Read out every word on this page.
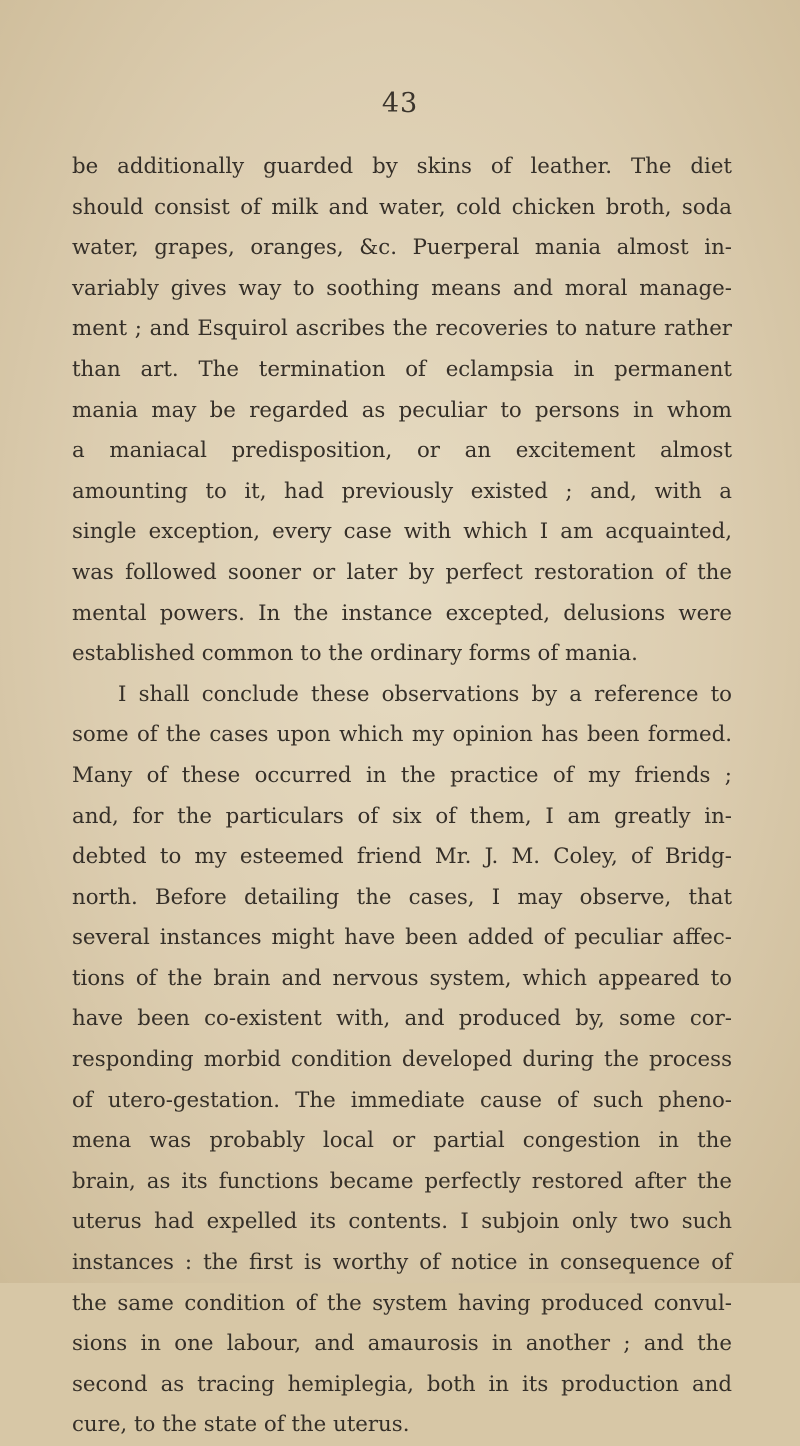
43
be additionally guarded by skins of leather. The diet
should consist of milk and water, cold chicken broth, soda
water, grapes, oranges, &c. Puerperal mania almost in-
variably gives way to soothing means and moral manage-
ment ; and Esquirol ascribes the recoveries to nature rather
than art. The termination of eclampsia in permanent
mania may be regarded as peculiar to persons in whom
a maniacal predisposition, or an excitement almost
amounting to it, had previously existed ; and, with a
single exception, every case with which I am acquainted,
was followed sooner or later by perfect restoration of the
mental powers. In the instance excepted, delusions were
established common to the ordinary forms of mania.
I shall conclude these observations by a reference to
some of the cases upon which my opinion has been formed.
Many of these occurred in the practice of my friends ;
and, for the particulars of six of them, I am greatly in-
debted to my esteemed friend Mr. J. M. Coley, of Bridg-
north. Before detailing the cases, I may observe, that
several instances might have been added of peculiar affec-
tions of the brain and nervous system, which appeared to
have been co-existent with, and produced by, some cor-
responding morbid condition developed during the process
of utero-gestation. The immediate cause of such pheno-
mena was probably local or partial congestion in the
brain, as its functions became perfectly restored after the
uterus had expelled its contents. I subjoin only two such
instances : the first is worthy of notice in consequence of
the same condition of the system having produced convul-
sions in one labour, and amaurosis in another ; and the
second as tracing hemiplegia, both in its production and
cure, to the state of the uterus.
